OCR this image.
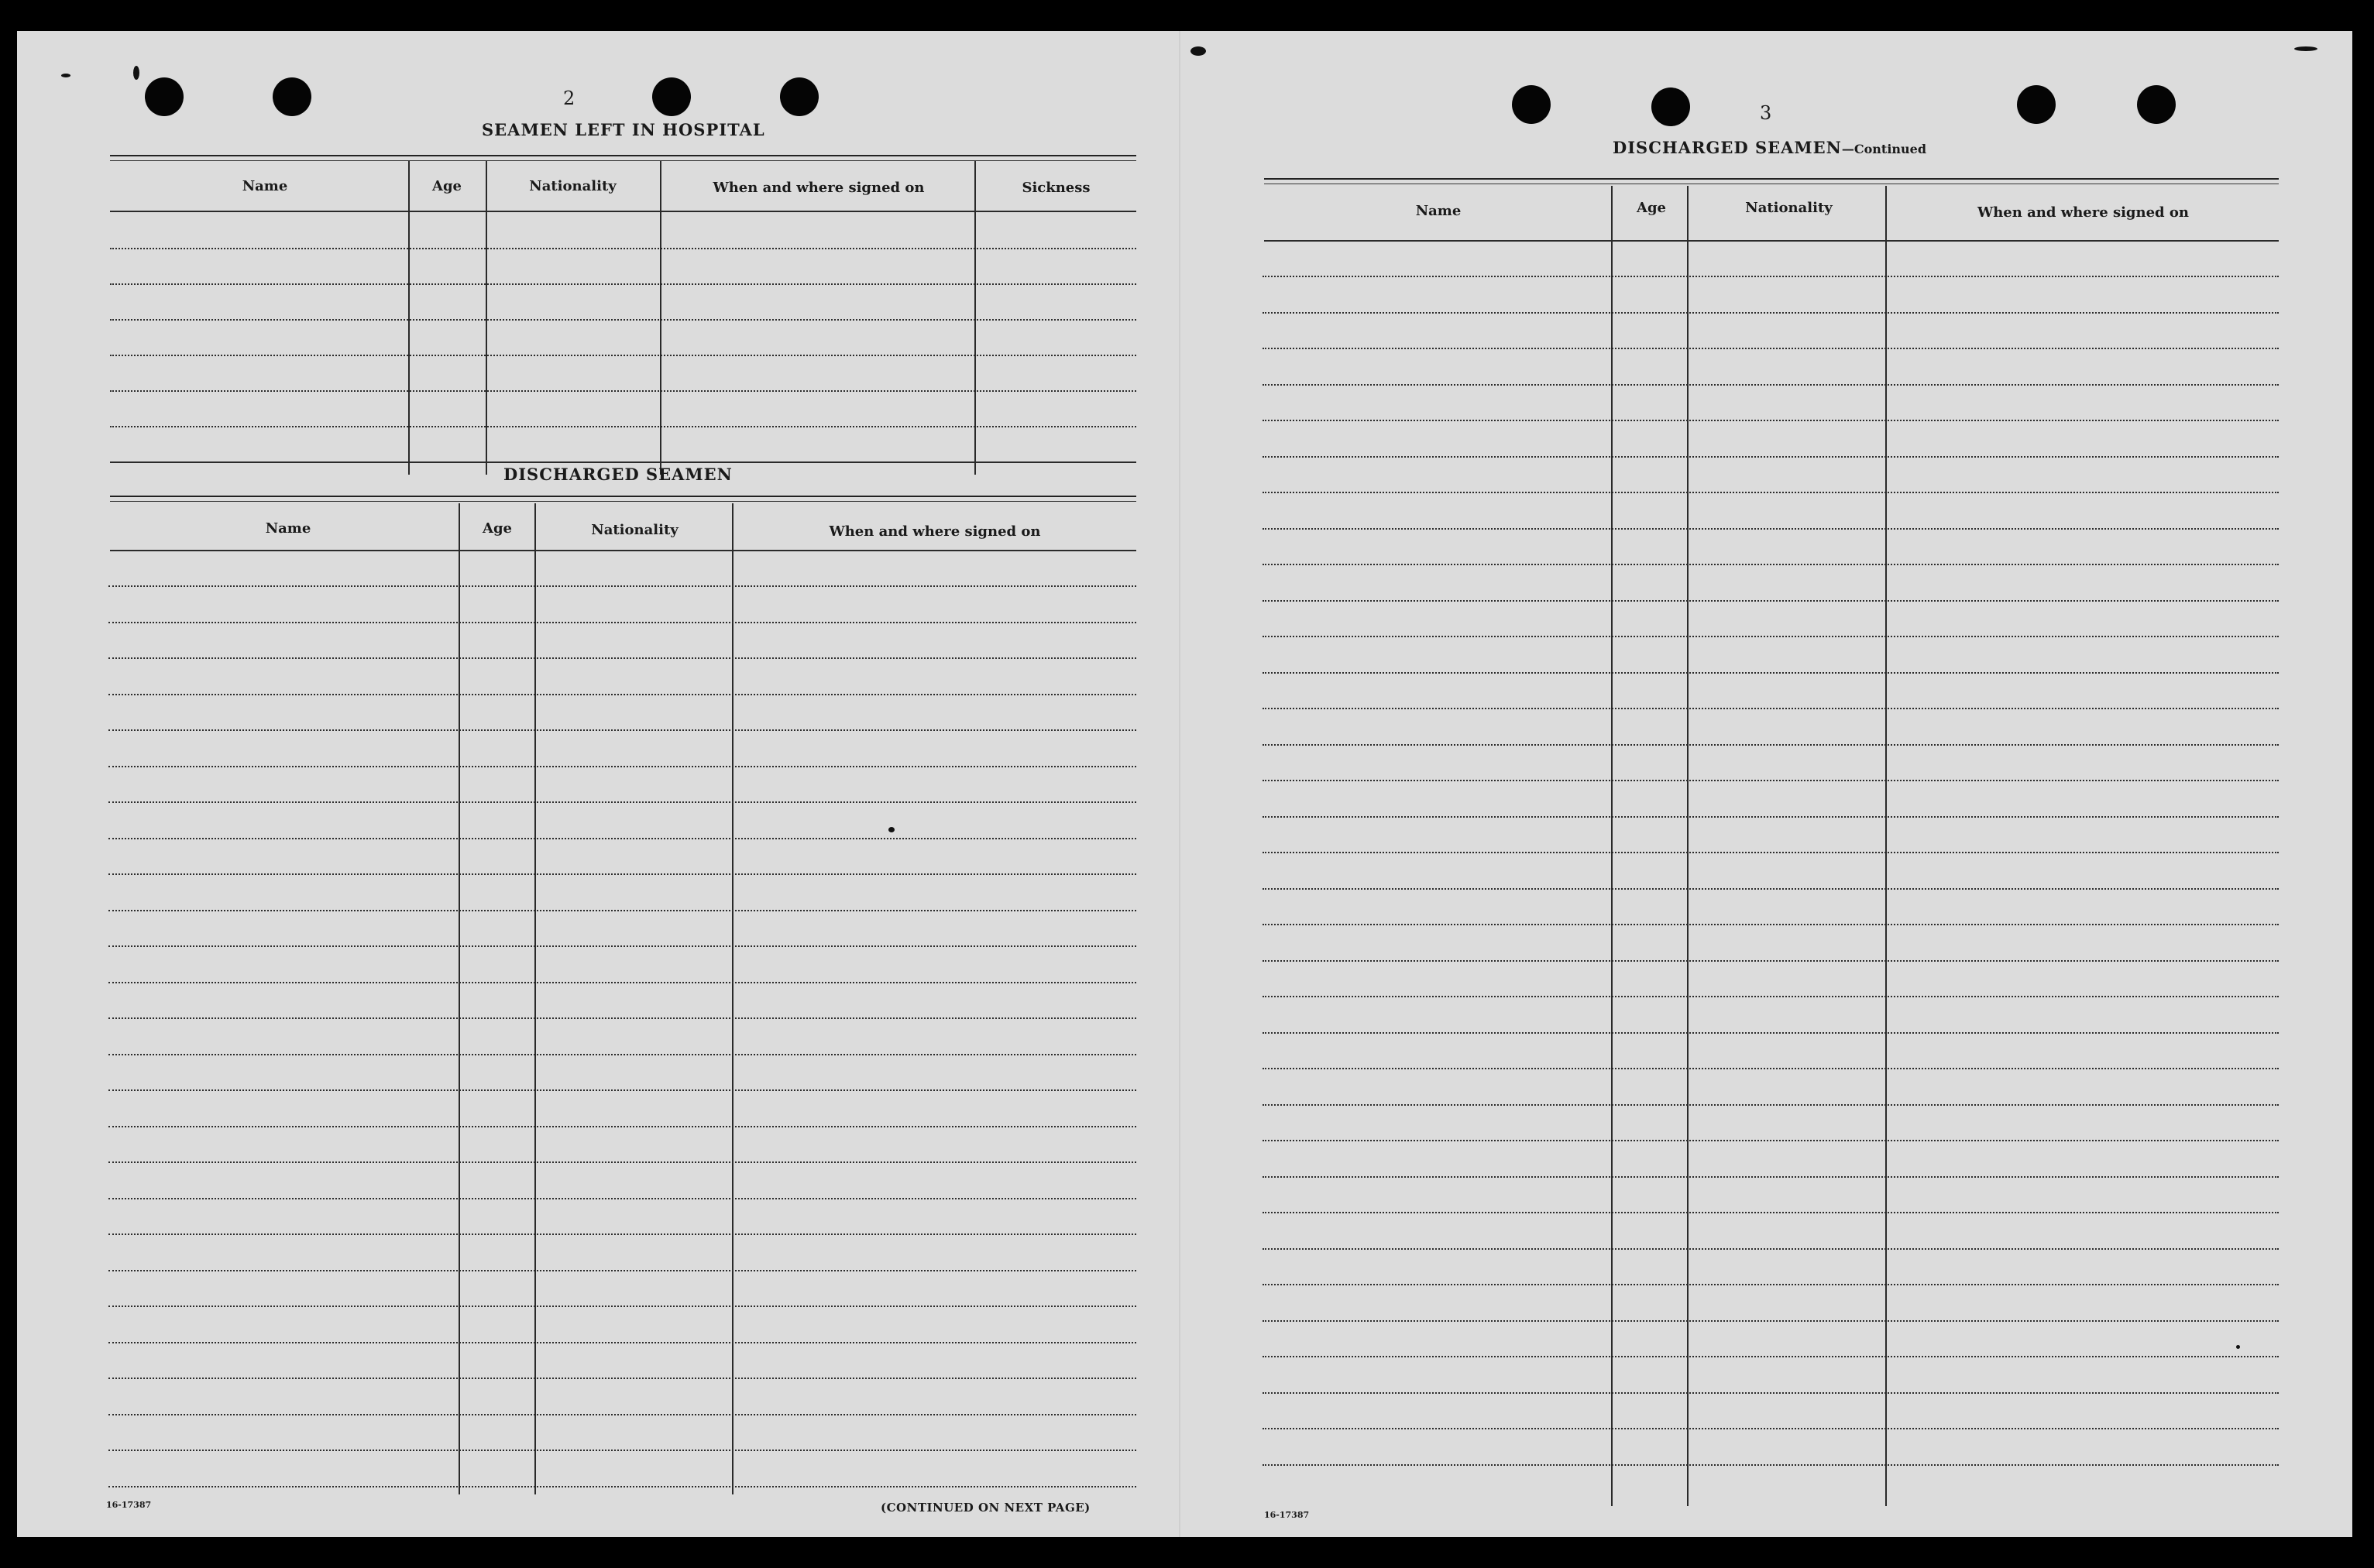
2

SEAMEN LEFT IN HOSPITAL

Name	Age	Nationality	When and where signed on	Sickness

DISCHARGED SEAMEN

Name	Age	Nationality	When and where signed on

16-17387	(CONTINUED ON NEXT PAGE)

3

DISCHARGED SEAMEN—Continued

Name	Age	Nationality	When and where signed on

16-17387
